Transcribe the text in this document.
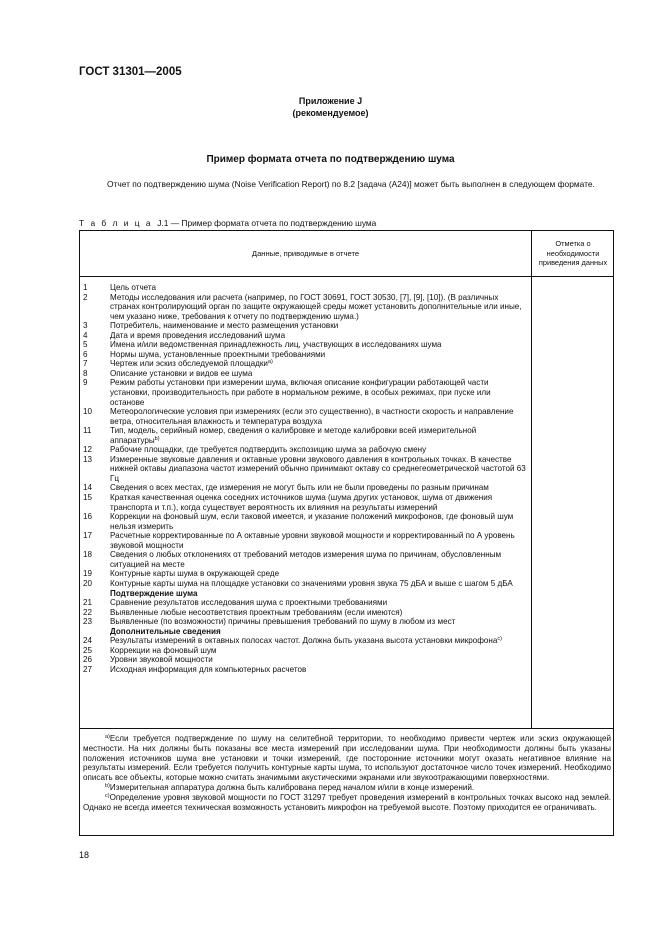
ГОСТ 31301—2005
Приложение J
(рекомендуемое)
Пример формата отчета по подтверждению шума
Отчет по подтверждению шума (Noise Verification Report) по 8.2 [задача (А24)] может быть выполнен в следующем формате.
Т а б л и ц а J.1 — Пример формата отчета по подтверждению шума
Данные, приводимые в отчете
Отметка о необходимости приведения данных
1	Цель отчета
2	Методы исследования или расчета (например, по ГОСТ 30691, ГОСТ 30530, [7], [9], [10]). (В различных странах контролирующий орган по защите окружающей среды может установить дополнительные или иные, чем указано ниже, требования к отчету по подтверждению шума.)
3	Потребитель, наименование и место размещения установки
4	Дата и время проведения исследований шума
5	Имена и/или ведомственная принадлежность лиц, участвующих в исследованиях шума
6	Нормы шума, установленные проектными требованиями
7	Чертеж или эскиз обследуемой площадки$^{а)}$
8	Описание установки и видов ее шума
9	Режим работы установки при измерении шума, включая описание конфигурации работающей части установки, производительность при работе в нормальном режиме, в особых режимах, при пуске или останове
10 Метеорологические условия при измерениях (если это существенно), в частности скорость и направление ветра, относительная влажность и температура воздуха
11 Тип, модель, серийный номер, сведения о калибровке и методе калибровки всей измерительной аппаратуры$^{b)}$
12 Рабочие площадки, где требуется подтвердить экспозицию шума за рабочую смену
13 Измеренные звуковые давления и октавные уровни звукового давления в контрольных точках. В качестве нижней октавы диапазона частот измерений обычно принимают октаву со среднегеометрической частотой 63 Гц
14 Сведения о всех местах, где измерения не могут быть или не были проведены по разным причинам
15 Краткая качественная оценка соседних источников шума (шума других установок, шума от движения транспорта и т.п.), когда существует вероятность их влияния на результаты измерений
16 Коррекции на фоновый шум, если таковой имеется, и указание положений микрофонов, где фоновый шум нельзя измерить
17 Расчетные корректированные по А октавные уровни звуковой мощности и корректированный по А уровень звуковой мощности
18 Сведения о любых отклонениях от требований методов измерения шума по причинам, обусловленным ситуацией на месте
19 Контурные карты шума в окружающей среде
20 Контурные карты шума на площадке установки со значениями уровня звука 75 дБА и выше с шагом 5 дБА
Подтверждение шума
21 Сравнение результатов исследования шума с проектными требованиями
22 Выявленные любые несоответствия проектным требованиям (если имеются)
23 Выявленные (по возможности) причины превышения требований по шуму в любом из мест
Дополнительные сведения
24 Результаты измерений в октавных полосах частот. Должна быть указана высота установки микрофона$^{с)}$
25 Коррекции на фоновый шум
26 Уровни звуковой мощности
27 Исходная информация для компьютерных расчетов
$^{а)}$Если требуется подтверждение по шуму на селитебной территории, то необходимо привести чертеж или эскиз окружающей местности. На них должны быть показаны все места измерений при исследовании шума. При необходимости должны быть указаны положения источников шума вне установки и точки измерений, где посторонние источники могут оказать негативное влияние на результаты измерений. Если требуется получить контурные карты шума, то используют достаточное число точек измерений. Необходимо описать все объекты, которые можно считать значимыми акустическими экранами или звукоотражающими поверхностями.
$^{b)}$Измерительная аппаратура должна быть калибрована перед началом и/или в конце измерений.
$^{с)}$Определение уровня звуковой мощности по ГОСТ 31297 требует проведения измерений в контрольных точках высоко над землей. Однако не всегда имеется техническая возможность установить микрофон на требуемой высоте. Поэтому приходится ее ограничивать.
18
